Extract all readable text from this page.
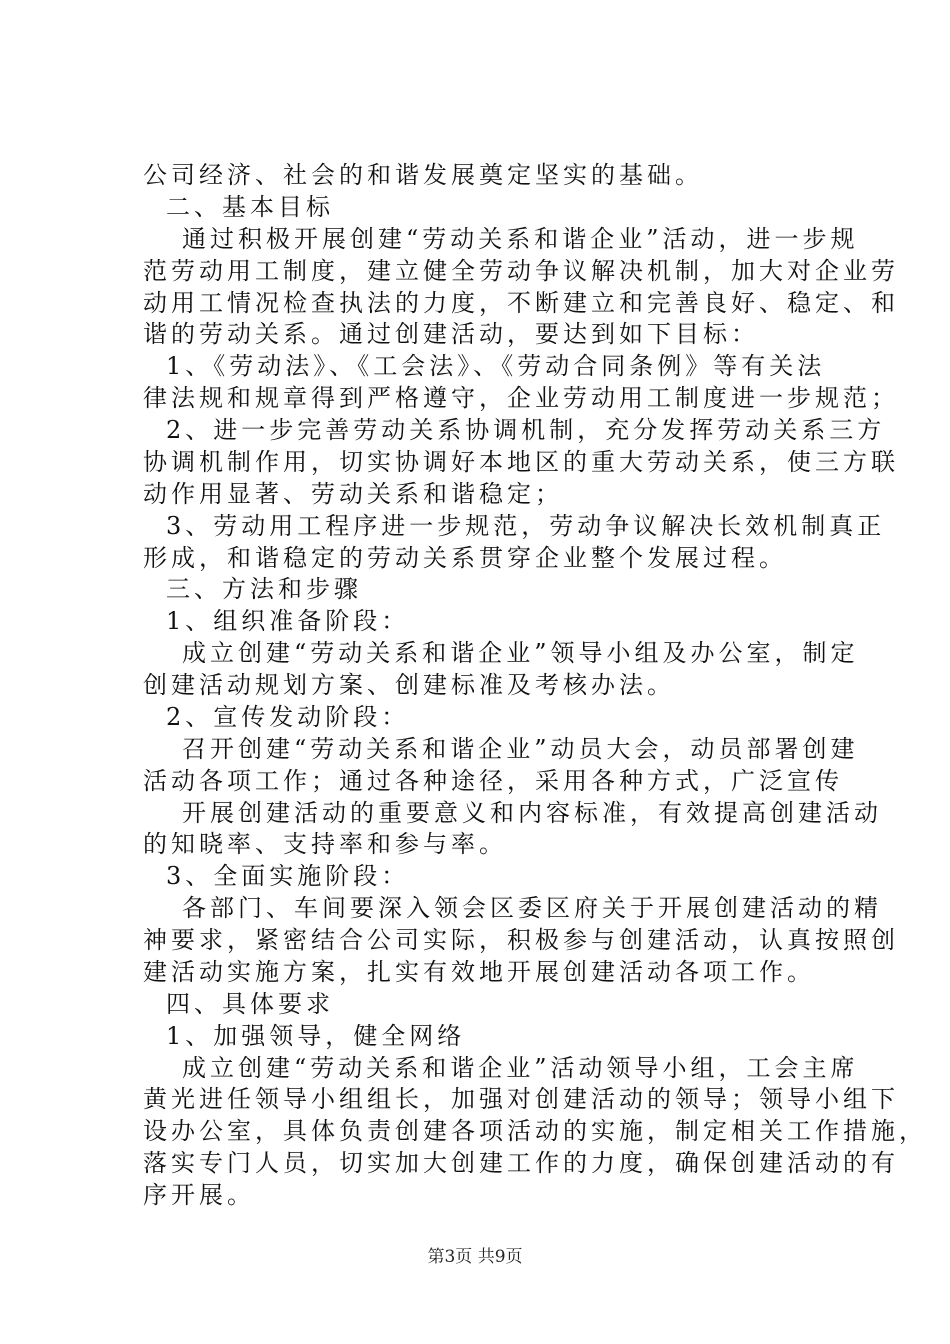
公司经济、社会的和谐发展奠定坚实的基础。
二、基本目标
通过积极开展创建“劳动关系和谐企业”活动，进一步规
范劳动用工制度，建立健全劳动争议解决机制，加大对企业劳
动用工情况检查执法的力度，不断建立和完善良好、稳定、和
谐的劳动关系。通过创建活动，要达到如下目标：
1、《劳动法》、《工会法》、《劳动合同条例》等有关法
律法规和规章得到严格遵守，企业劳动用工制度进一步规范；
2、进一步完善劳动关系协调机制，充分发挥劳动关系三方
协调机制作用，切实协调好本地区的重大劳动关系，使三方联
动作用显著、劳动关系和谐稳定；
3、劳动用工程序进一步规范，劳动争议解决长效机制真正
形成，和谐稳定的劳动关系贯穿企业整个发展过程。
三、方法和步骤
1、组织准备阶段：
成立创建“劳动关系和谐企业”领导小组及办公室，制定
创建活动规划方案、创建标准及考核办法。
2、宣传发动阶段：
召开创建“劳动关系和谐企业”动员大会，动员部署创建
活动各项工作；通过各种途径，采用各种方式，广泛宣传
开展创建活动的重要意义和内容标准，有效提高创建活动
的知晓率、支持率和参与率。
3、全面实施阶段：
各部门、车间要深入领会区委区府关于开展创建活动的精
神要求，紧密结合公司实际，积极参与创建活动，认真按照创
建活动实施方案，扎实有效地开展创建活动各项工作。
四、具体要求
1、加强领导，健全网络
成立创建“劳动关系和谐企业”活动领导小组，工会主席
黄光进任领导小组组长，加强对创建活动的领导；领导小组下
设办公室，具体负责创建各项活动的实施，制定相关工作措施，
落实专门人员，切实加大创建工作的力度，确保创建活动的有
序开展。
第3页 共9页
